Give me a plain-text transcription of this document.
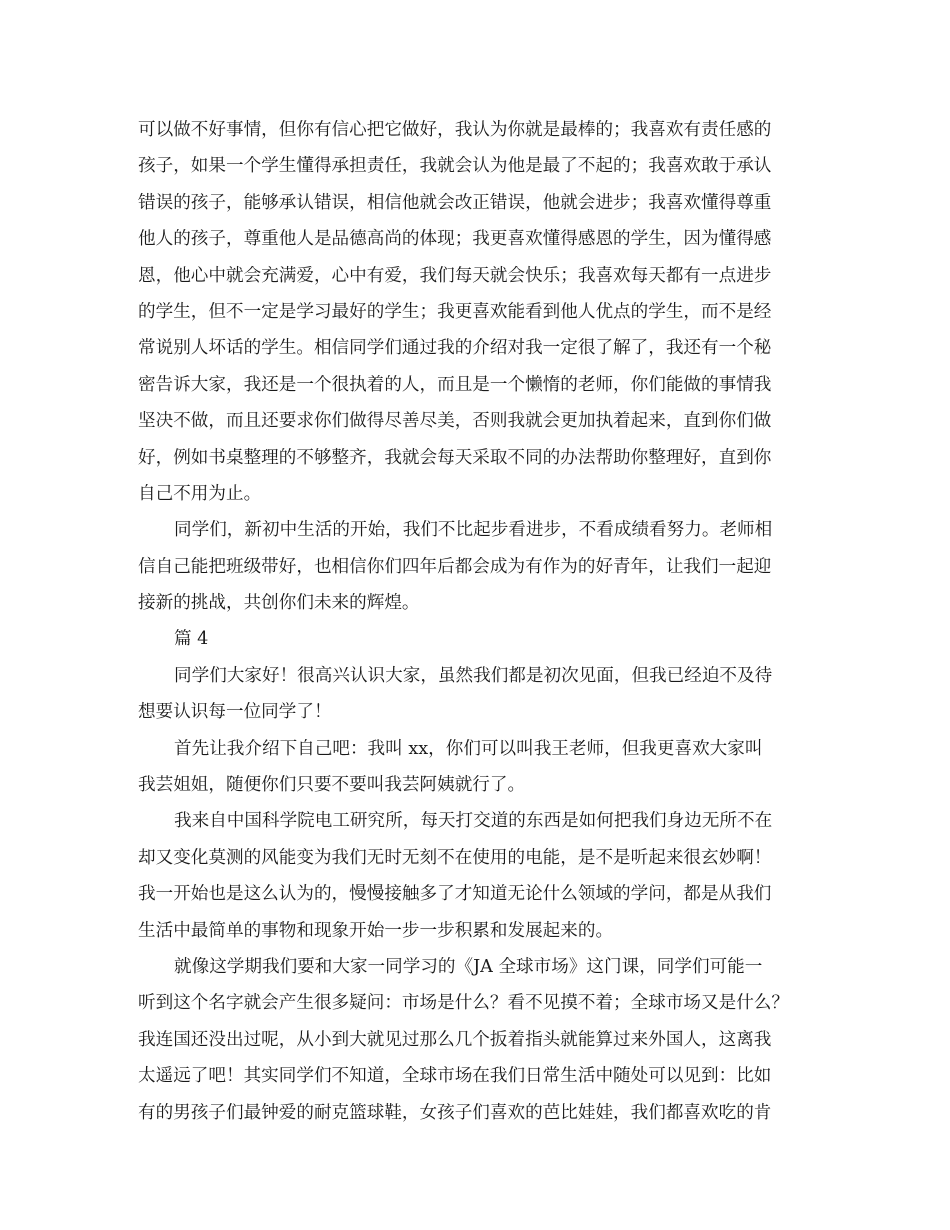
可以做不好事情，但你有信心把它做好，我认为你就是最棒的；我喜欢有责任感的
孩子，如果一个学生懂得承担责任，我就会认为他是最了不起的；我喜欢敢于承认
错误的孩子，能够承认错误，相信他就会改正错误，他就会进步；我喜欢懂得尊重
他人的孩子，尊重他人是品德高尚的体现；我更喜欢懂得感恩的学生，因为懂得感
恩，他心中就会充满爱，心中有爱，我们每天就会快乐；我喜欢每天都有一点进步
的学生，但不一定是学习最好的学生；我更喜欢能看到他人优点的学生，而不是经
常说别人坏话的学生。相信同学们通过我的介绍对我一定很了解了，我还有一个秘
密告诉大家，我还是一个很执着的人，而且是一个懒惰的老师，你们能做的事情我
坚决不做，而且还要求你们做得尽善尽美，否则我就会更加执着起来，直到你们做
好，例如书桌整理的不够整齐，我就会每天采取不同的办法帮助你整理好，直到你
自己不用为止。
同学们，新初中生活的开始，我们不比起步看进步，不看成绩看努力。老师相
信自己能把班级带好，也相信你们四年后都会成为有作为的好青年，让我们一起迎
接新的挑战，共创你们未来的辉煌。
篇 4
同学们大家好！很高兴认识大家，虽然我们都是初次见面，但我已经迫不及待
想要认识每一位同学了！
首先让我介绍下自己吧：我叫 xx，你们可以叫我王老师，但我更喜欢大家叫
我芸姐姐，随便你们只要不要叫我芸阿姨就行了。
我来自中国科学院电工研究所，每天打交道的东西是如何把我们身边无所不在
却又变化莫测的风能变为我们无时无刻不在使用的电能，是不是听起来很玄妙啊！
我一开始也是这么认为的，慢慢接触多了才知道无论什么领域的学问，都是从我们
生活中最简单的事物和现象开始一步一步积累和发展起来的。
就像这学期我们要和大家一同学习的《JA 全球市场》这门课，同学们可能一
听到这个名字就会产生很多疑问：市场是什么？看不见摸不着；全球市场又是什么？
我连国还没出过呢，从小到大就见过那么几个扳着指头就能算过来外国人，这离我
太遥远了吧！其实同学们不知道，全球市场在我们日常生活中随处可以见到：比如
有的男孩子们最钟爱的耐克篮球鞋，女孩子们喜欢的芭比娃娃，我们都喜欢吃的肯
